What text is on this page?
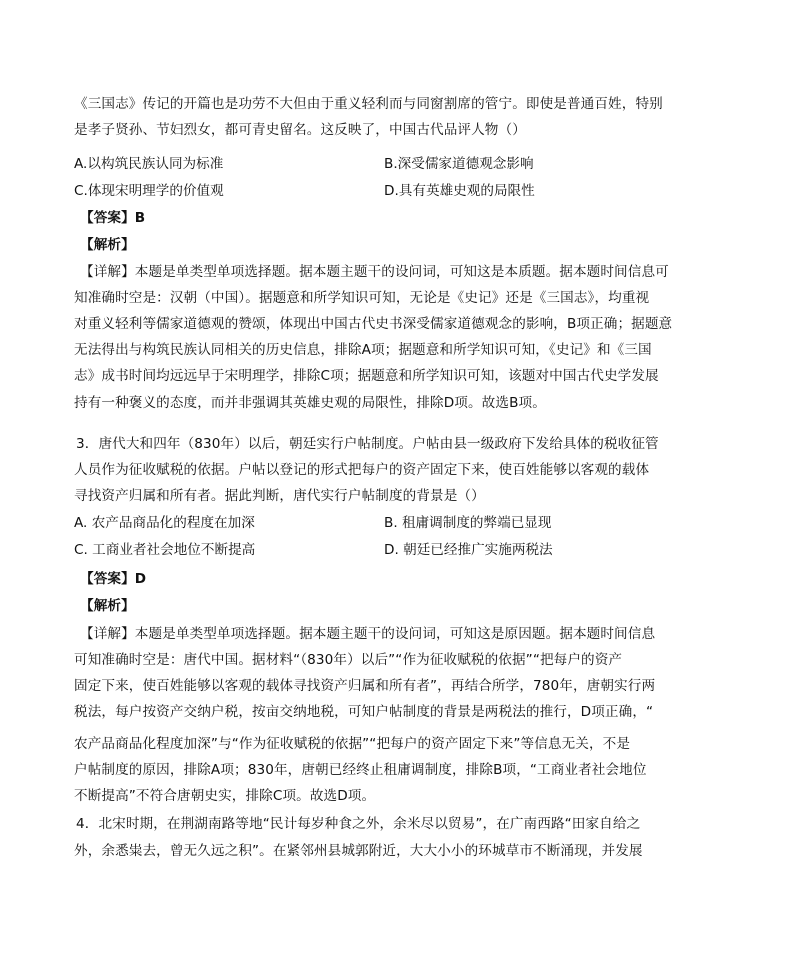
《三国志》传记的开篇也是功劳不大但由于重义轻利而与同窗割席的管宁。即使是普通百姓，特别
是孝子贤孙、节妇烈女，都可青史留名。这反映了，中国古代品评人物（）
A.以构筑民族认同为标准	B.深受儒家道德观念影响
C.体现宋明理学的价值观	D.具有英雄史观的局限性
【答案】B
【解析】
【详解】本题是单类型单项选择题。据本题主题干的设问词，可知这是本质题。据本题时间信息可
知准确时空是：汉朝（中国）。据题意和所学知识可知，无论是《史记》还是《三国志》，均重视
对重义轻利等儒家道德观的赞颂，体现出中国古代史书深受儒家道德观念的影响，B项正确；据题意
无法得出与构筑民族认同相关的历史信息，排除A项；据题意和所学知识可知，《史记》和《三国
志》成书时间均远远早于宋明理学，排除C项；据题意和所学知识可知，该题对中国古代史学发展
持有一种褒义的态度，而并非强调其英雄史观的局限性，排除D项。故选B项。
3．唐代大和四年（830年）以后，朝廷实行户帖制度。户帖由县一级政府下发给具体的税收征管
人员作为征收赋税的依据。户帖以登记的形式把每户的资产固定下来，使百姓能够以客观的载体
寻找资产归属和所有者。据此判断，唐代实行户帖制度的背景是（）
A. 农产品商品化的程度在加深	B. 租庸调制度的弊端已显现
C. 工商业者社会地位不断提高	D. 朝廷已经推广实施两税法
【答案】D
【解析】
【详解】本题是单类型单项选择题。据本题主题干的设问词，可知这是原因题。据本题时间信息
可知准确时空是：唐代中国。据材料“（830年）以后”“作为征收赋税的依据”“把每户的资产
固定下来，使百姓能够以客观的载体寻找资产归属和所有者”，再结合所学，780年，唐朝实行两
税法，每户按资产交纳户税，按亩交纳地税，可知户帖制度的背景是两税法的推行，D项正确，“
农产品商品化程度加深”与“作为征收赋税的依据”“把每户的资产固定下来”等信息无关，不是
户帖制度的原因，排除A项；830年，唐朝已经终止租庸调制度，排除B项，“工商业者社会地位
不断提高”不符合唐朝史实，排除C项。故选D项。
4．北宋时期，在荆湖南路等地“民计每岁种食之外，余米尽以贸易”，在广南西路“田家自给之
外，余悉粜去，曾无久远之积”。在紧邻州县城郭附近，大大小小的环城草市不断涌现，并发展
